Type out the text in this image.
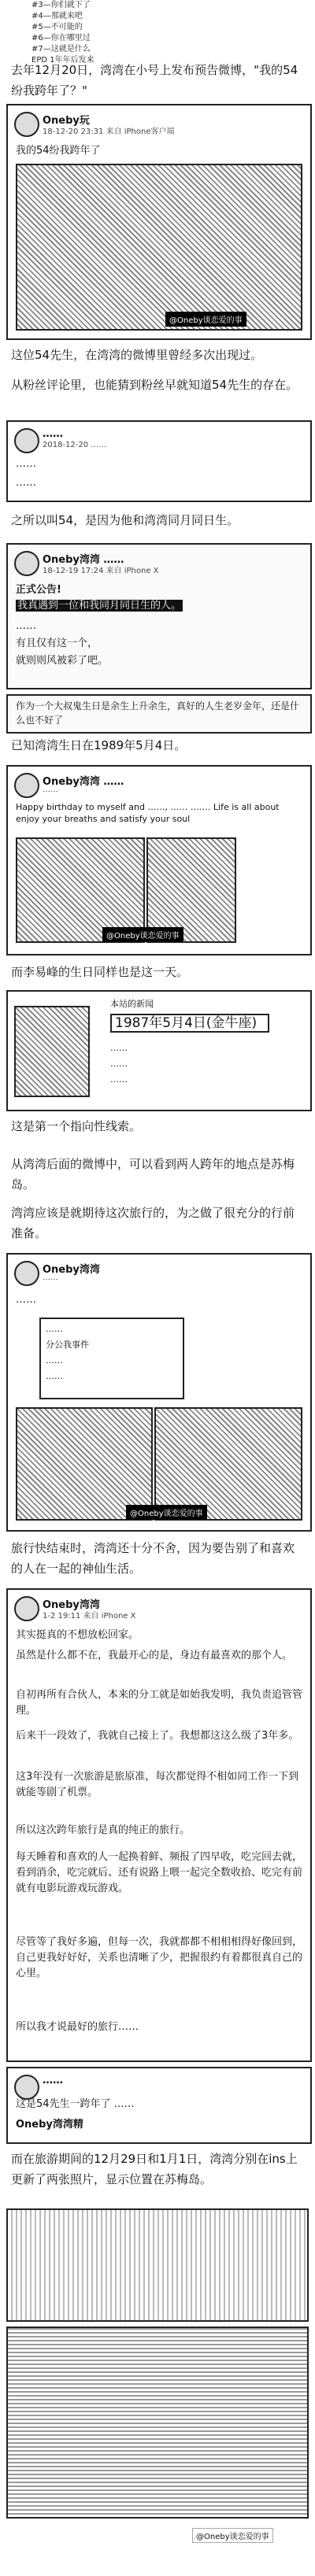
#3—你们就下了
#4—那就来吧
#5—不可能的
#6—你在哪里过
#7—这就是什么
EPD 1年年后发来
去年12月20日，湾湾在小号上发布预告微博，"我的54纷我跨年了？"
Oneby玩
18-12-20 23:31 来自 iPhone客户端
我的54纷我跨年了
@Oneby谈恋爱的事
这位54先生，在湾湾的微博里曾经多次出现过。
从粉丝评论里，也能猜到粉丝早就知道54先生的存在。
……
2018-12-20 ……
……
……
之所以叫54，是因为他和湾湾同月同日生。
Oneby湾湾 ……
18-12-19 17:24 来自 iPhone X
正式公告!
我真遇到一位和我同月同日生的人。
……
有且仅有这一个，
就则则风被彩了吧。
作为一个大叔鬼生日是余生上升余生，真好的人生老岁金年，还是什么也不好了
已知湾湾生日在1989年5月4日。
Oneby湾湾 ……
……
Happy birthday to myself and ……, …… ……. Life is all about enjoy your breaths and satisfy your soul
@Oneby谈恋爱的事
而李易峰的生日同样也是这一天。
本站的新闻
1987年5月4日(金牛座)
……
……
……
这是第一个指向性线索。
从湾湾后面的微博中，可以看到两人跨年的地点是苏梅岛。
湾湾应该是就期待这次旅行的，为之做了很充分的行前准备。
Oneby湾湾
……
……
……
分公我事件
……
……
@Oneby谈恋爱的事
旅行快结束时，湾湾还十分不舍，因为要告别了和喜欢的人在一起的神仙生活。
Oneby湾湾
1-2 19:11 来自 iPhone X
其实挺真的不想放松回家。
虽然是什么都不在，我最开心的是，身边有最喜欢的那个人。
自初再所有合伙人，本来的分工就是如始我发明，我负责追管管理。
后来干一段效了，我就自己接上了。我想都这这么级了3年多。
这3年没有一次旅游是旅原准，每次都觉得不相如同工作一下到就能等剧了机票。
所以这次跨年旅行是真的纯正的旅行。
每天睡着和喜欢的人一起换着鲜、频报了四早收，吃完回去就，看到消余，吃完就后、还有说路上喂一起完全数收拾、吃完有前就有电影玩游戏玩游戏。
尽管等了我好多遍，但每一次，我就都都不相相相得好像回到，自己更我好好好，关系也清晰了少，把握很约有着都很真自己的心里。
所以我才说最好的旅行……
……
这是54先生一跨年了 ……
Oneby湾湾精
而在旅游期间的12月29日和1月1日，湾湾分别在ins上更新了两张照片，显示位置在苏梅岛。
@Oneby谈恋爱的事
